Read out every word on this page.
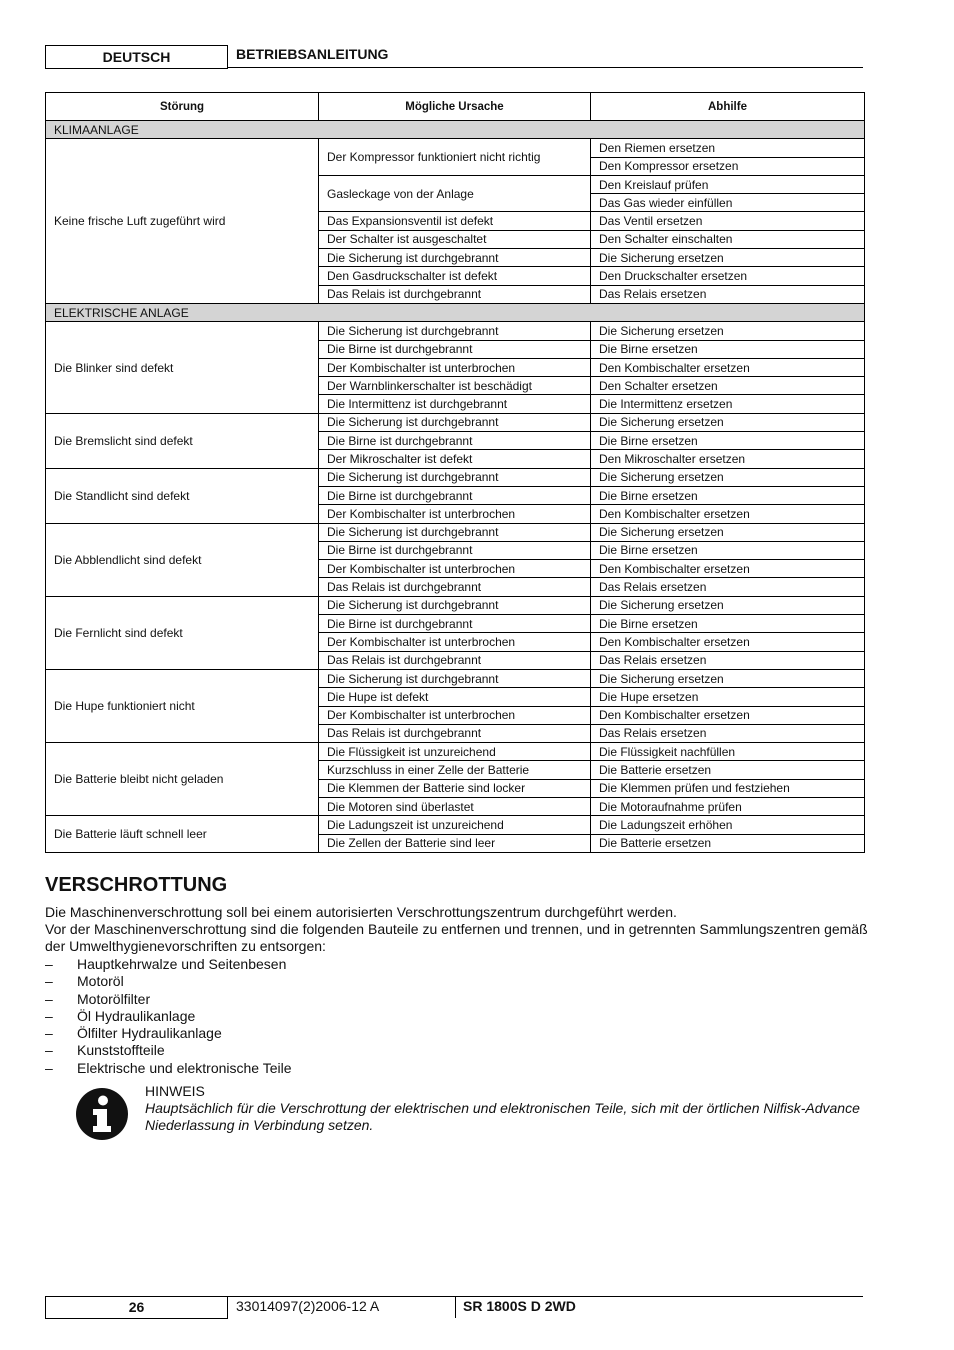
DEUTSCH	BETRIEBSANLEITUNG
Störung	Mögliche Ursache	Abhilfe
KLIMAANLAGE		
Keine frische Luft zugeführt wird	Der Kompressor funktioniert nicht richtig	Den Riemen ersetzen
		Den Kompressor ersetzen
	Gasleckage von der Anlage	Den Kreislauf prüfen
		Das Gas wieder einfüllen
	Das Expansionsventil ist defekt	Das Ventil ersetzen
	Der Schalter ist ausgeschaltet	Den Schalter einschalten
	Die Sicherung ist durchgebrannt	Die Sicherung ersetzen
	Den Gasdruckschalter ist defekt	Den Druckschalter ersetzen
	Das Relais ist durchgebrannt	Das Relais ersetzen
ELEKTRISCHE ANLAGE		
Die Blinker sind defekt	Die Sicherung ist durchgebrannt	Die Sicherung ersetzen
	Die Birne ist durchgebrannt	Die Birne ersetzen
	Der Kombischalter ist unterbrochen	Den Kombischalter ersetzen
	Der Warnblinkerschalter ist beschädigt	Den Schalter ersetzen
	Die Intermittenz ist durchgebrannt	Die Intermittenz ersetzen
Die Bremslicht sind defekt	Die Sicherung ist durchgebrannt	Die Sicherung ersetzen
	Die Birne ist durchgebrannt	Die Birne ersetzen
	Der Mikroschalter ist defekt	Den Mikroschalter ersetzen
Die Standlicht sind defekt	Die Sicherung ist durchgebrannt	Die Sicherung ersetzen
	Die Birne ist durchgebrannt	Die Birne ersetzen
	Der Kombischalter ist unterbrochen	Den Kombischalter ersetzen
Die Abblendlicht sind defekt	Die Sicherung ist durchgebrannt	Die Sicherung ersetzen
	Die Birne ist durchgebrannt	Die Birne ersetzen
	Der Kombischalter ist unterbrochen	Den Kombischalter ersetzen
	Das Relais ist durchgebrannt	Das Relais ersetzen
Die Fernlicht sind defekt	Die Sicherung ist durchgebrannt	Die Sicherung ersetzen
	Die Birne ist durchgebrannt	Die Birne ersetzen
	Der Kombischalter ist unterbrochen	Den Kombischalter ersetzen
	Das Relais ist durchgebrannt	Das Relais ersetzen
Die Hupe funktioniert nicht	Die Sicherung ist durchgebrannt	Die Sicherung ersetzen
	Die Hupe ist defekt	Die Hupe ersetzen
	Der Kombischalter ist unterbrochen	Den Kombischalter ersetzen
	Das Relais ist durchgebrannt	Das Relais ersetzen
Die Batterie bleibt nicht geladen	Die Flüssigkeit ist unzureichend	Die Flüssigkeit nachfüllen
	Kurzschluss in einer Zelle der Batterie	Die Batterie ersetzen
	Die Klemmen der Batterie sind locker	Die Klemmen prüfen und festziehen
	Die Motoren sind überlastet	Die Motoraufnahme prüfen
Die Batterie läuft schnell leer	Die Ladungszeit ist unzureichend	Die Ladungszeit erhöhen
	Die Zellen der Batterie sind leer	Die Batterie ersetzen
VERSCHROTTUNG
Die Maschinenverschrottung soll bei einem autorisierten Verschrottungszentrum durchgeführt werden.
Vor der Maschinenverschrottung sind die folgenden Bauteile zu entfernen und trennen, und in getrennten Sammlungszentren gemäß der Umwelthygienevorschriften zu entsorgen:
– Hauptkehrwalze und Seitenbesen
– Motoröl
– Motorölfilter
– Öl Hydraulikanlage
– Ölfilter Hydraulikanlage
– Kunststoffteile
– Elektrische und elektronische Teile
HINWEIS
Hauptsächlich für die Verschrottung der elektrischen und elektronischen Teile, sich mit der örtlichen Nilfisk-Advance Niederlassung in Verbindung setzen.
26	33014097(2)2006-12 A	SR 1800S D 2WD
